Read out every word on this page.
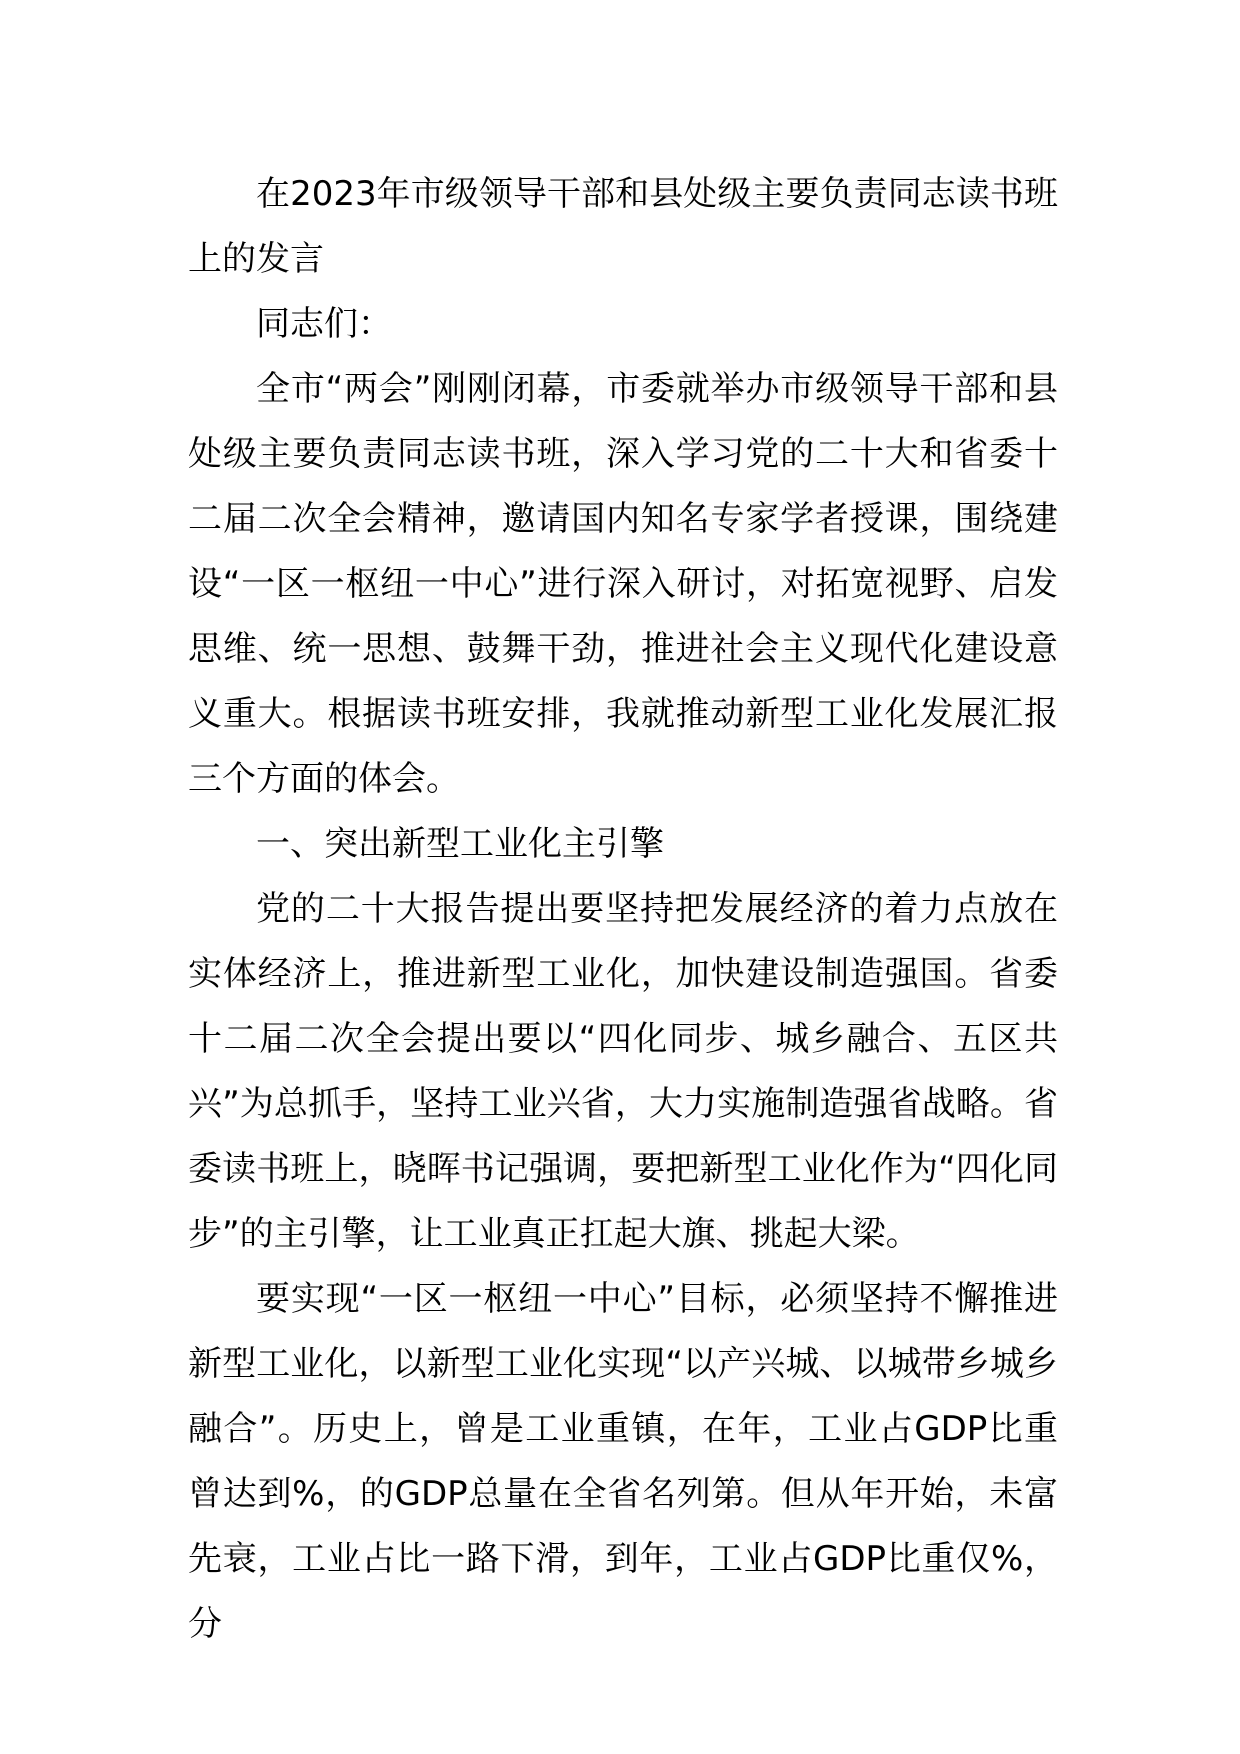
在2023年市级领导干部和县处级主要负责同志读书班上的发言

同志们：

全市“两会”刚刚闭幕，市委就举办市级领导干部和县处级主要负责同志读书班，深入学习党的二十大和省委十二届二次全会精神，邀请国内知名专家学者授课，围绕建设“一区一枢纽一中心”进行深入研讨，对拓宽视野、启发思维、统一思想、鼓舞干劲，推进社会主义现代化建设意义重大。根据读书班安排，我就推动新型工业化发展汇报三个方面的体会。

一、突出新型工业化主引擎

党的二十大报告提出要坚持把发展经济的着力点放在实体经济上，推进新型工业化，加快建设制造强国。省委十二届二次全会提出要以“四化同步、城乡融合、五区共兴”为总抓手，坚持工业兴省，大力实施制造强省战略。省委读书班上，晓晖书记强调，要把新型工业化作为“四化同步”的主引擎，让工业真正扛起大旗、挑起大梁。

要实现“一区一枢纽一中心”目标，必须坚持不懈推进新型工业化，以新型工业化实现“以产兴城、以城带乡城乡融合”。历史上，曾是工业重镇，在年，工业占GDP比重曾达到%，的GDP总量在全省名列第。但从年开始，未富先衰，工业占比一路下滑，到年，工业占GDP比重仅%，分
